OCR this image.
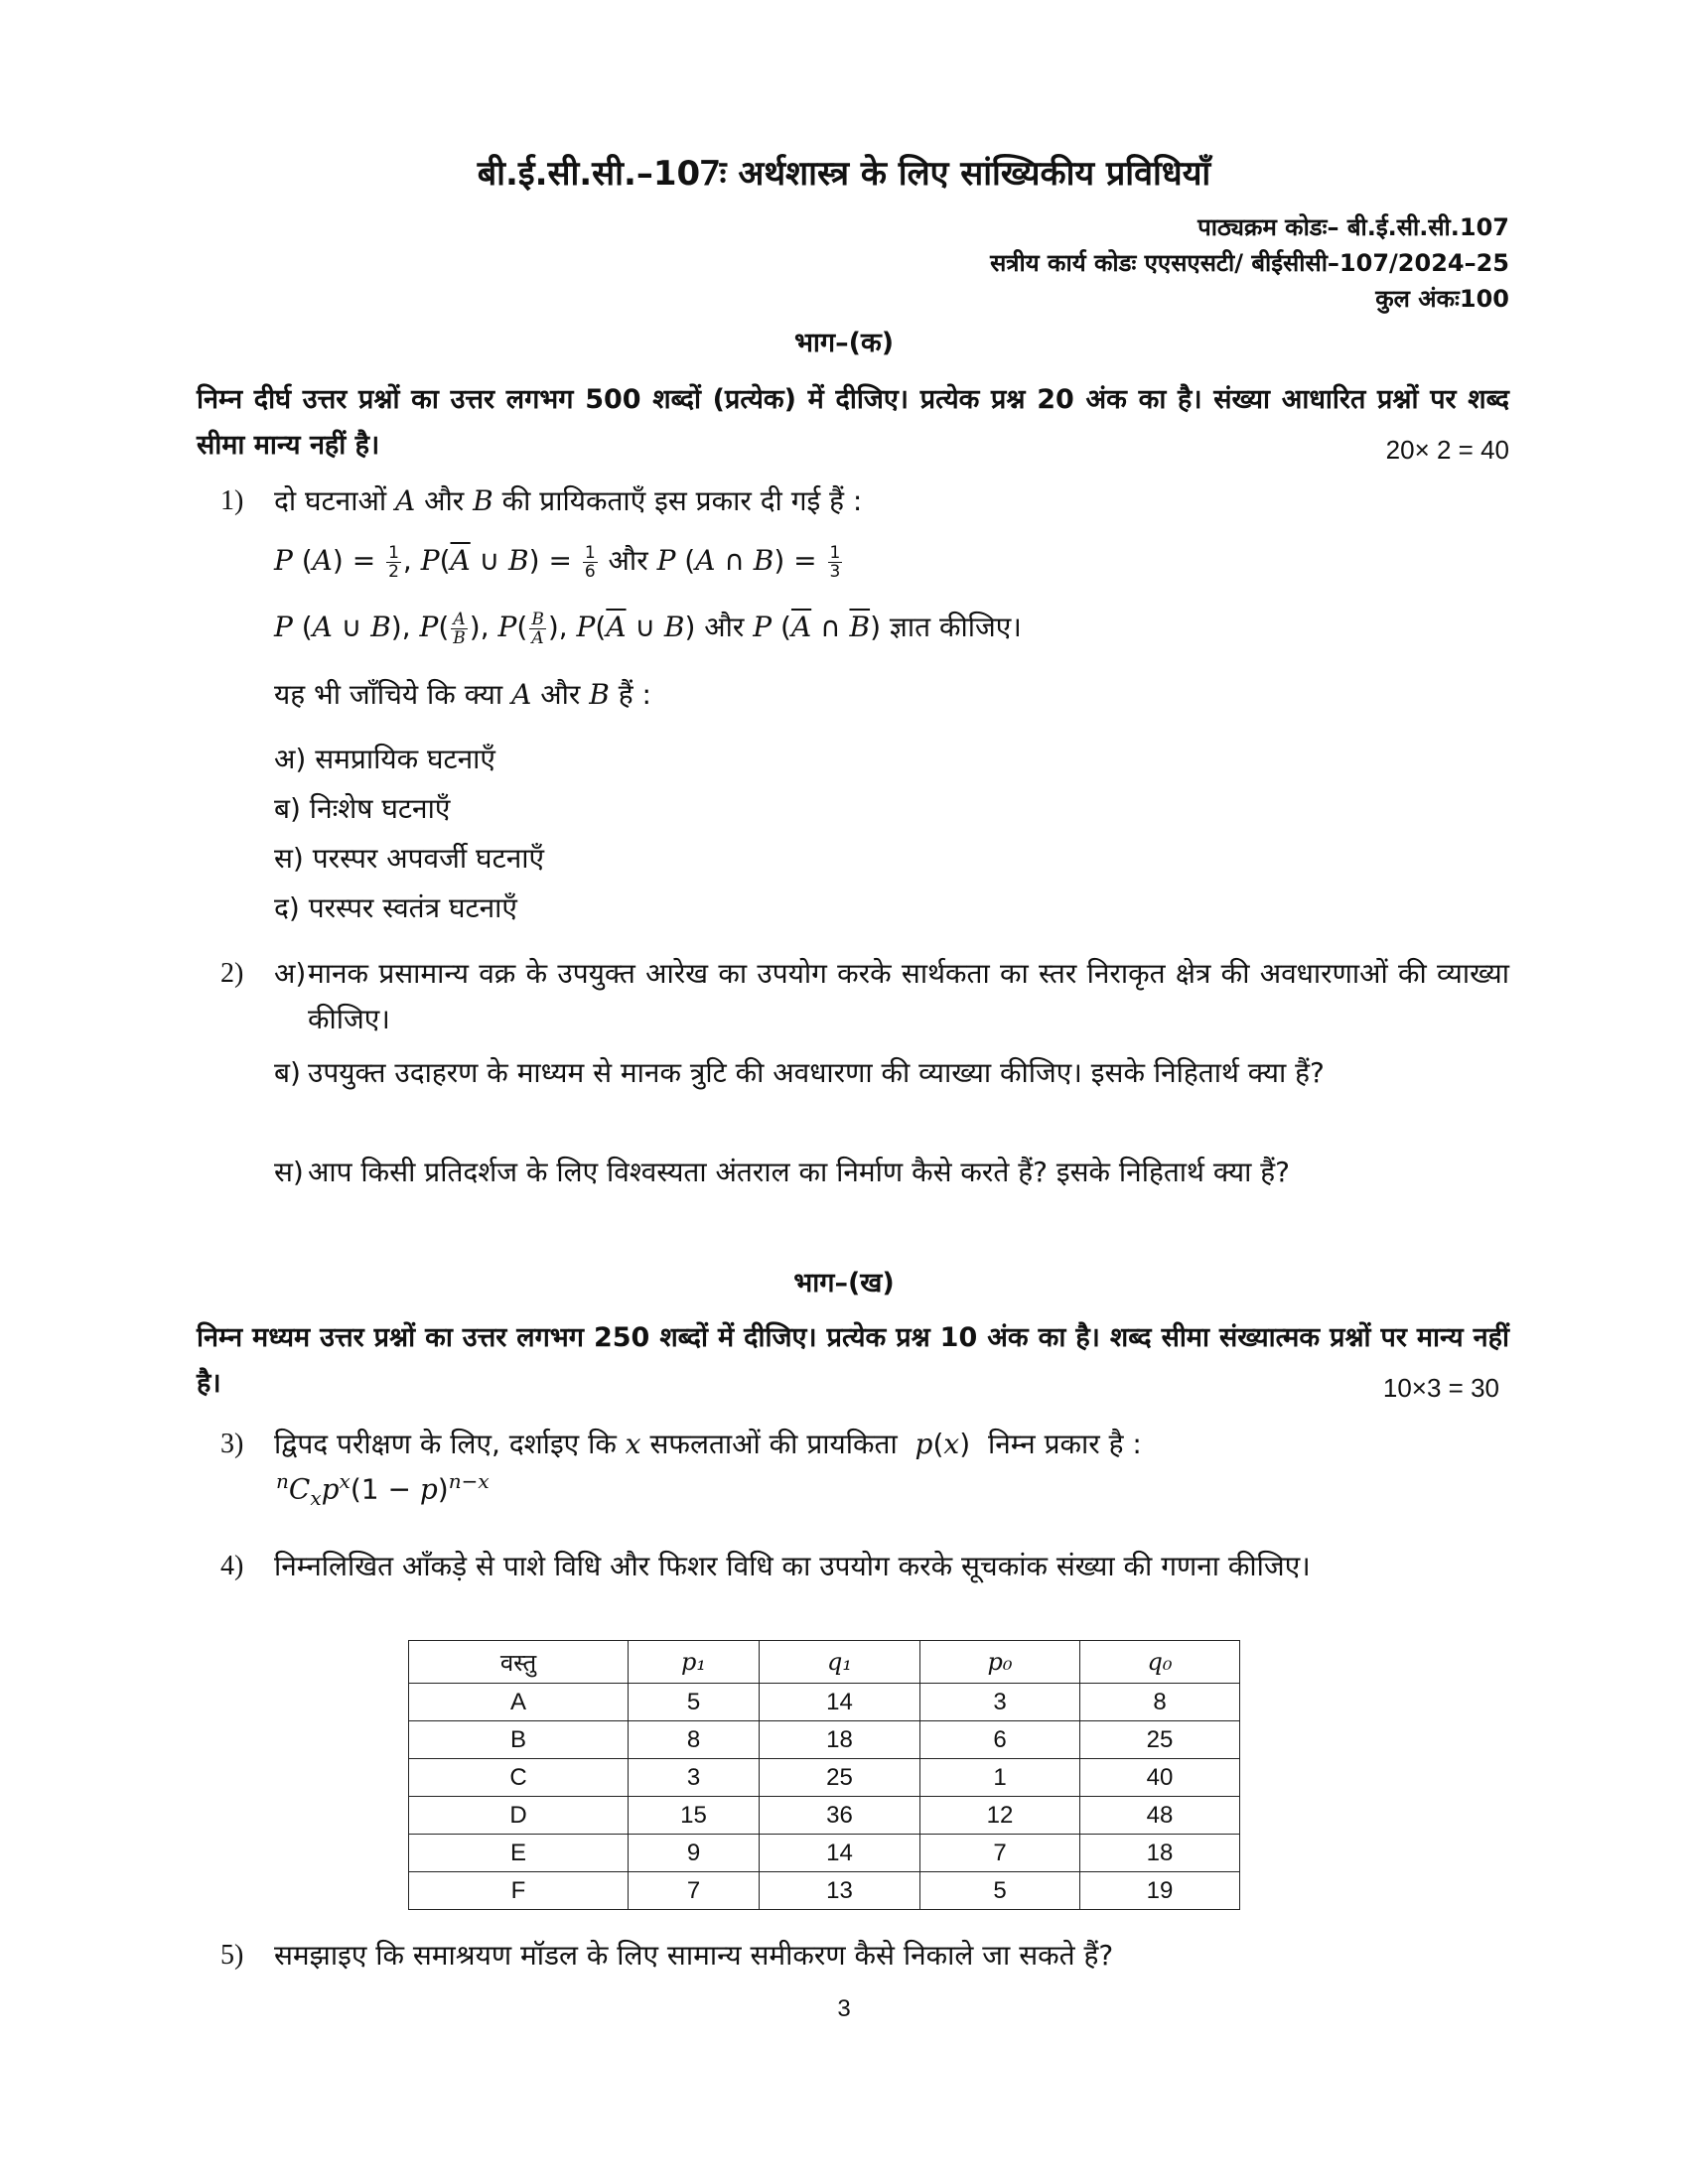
बी.ई.सी.सी.–107ः अर्थशास्त्र के लिए सांख्यिकीय प्रविधियाँ
पाठ्यक्रम कोडः– बी.ई.सी.सी.107
सत्रीय कार्य कोडः एएसएसटी/ बीईसीसी–107/2024–25
कुल अंकः100
भाग–(क)
निम्न दीर्घ उत्तर प्रश्नों का उत्तर लगभग 500 शब्दों (प्रत्येक) में दीजिए। प्रत्येक प्रश्न 20 अंक का है। संख्या आधारित प्रश्नों पर शब्द सीमा मान्य नहीं है।	20× 2 = 40
1) दो घटनाओं A और B की प्रायिकताएँ इस प्रकार दी गई हैं :
P $(A) = \frac{1}{2}$ , $P(\overline{A}$ ∪ $B) = \frac{1}{6}$ और P (A ∩ $B) = \frac{1}{3}$
P (A ∪ B), $P( \frac{A}{B}$ ), $P( \frac{B}{A}$ ), $P(\overline{A}$ ∪ B) और P ($\overline{A}$ ∩ $\overline{B}$) ज्ञात कीजिए।
यह भी जाँचिये कि क्या A और B हैं :
अ) समप्रायिक घटनाएँ
ब) निःशेष घटनाएँ
स) परस्पर अपवर्जी घटनाएँ
द) परस्पर स्वतंत्र घटनाएँ
2) अ) मानक प्रसामान्य वक्र के उपयुक्त आरेख का उपयोग करके सार्थकता का स्तर निराकृत क्षेत्र की अवधारणाओं की व्याख्या कीजिए।
ब) उपयुक्त उदाहरण के माध्यम से मानक त्रुटि की अवधारणा की व्याख्या कीजिए। इसके निहितार्थ क्या हैं?
स) आप किसी प्रतिदर्शज के लिए विश्वस्यता अंतराल का निर्माण कैसे करते हैं? इसके निहितार्थ क्या हैं?
भाग–(ख)
निम्न मध्यम उत्तर प्रश्नों का उत्तर लगभग 250 शब्दों में दीजिए। प्रत्येक प्रश्न 10 अंक का है। शब्द सीमा संख्यात्मक प्रश्नों पर मान्य नहीं है।	10×3 = 30
3) द्विपद परीक्षण के लिए, दर्शाइए कि x सफलताओं की प्रायकिता p(x)  निम्न प्रकार है :
$^nC_xp^x(1 - p)^{n-x}$
4) निम्नलिखित आँकड़े से पाशे विधि और फिशर विधि का उपयोग करके सूचकांक संख्या की गणना कीजिए।
वस्तु	p₁	q₁	p₀	q₀
A	5	14	3	8
B	8	18	6	25
C	3	25	1	40
D	15	36	12	48
E	9	14	7	18
F	7	13	5	19
5) समझाइए कि समाश्रयण मॉडल के लिए सामान्य समीकरण कैसे निकाले जा सकते हैं?
3
